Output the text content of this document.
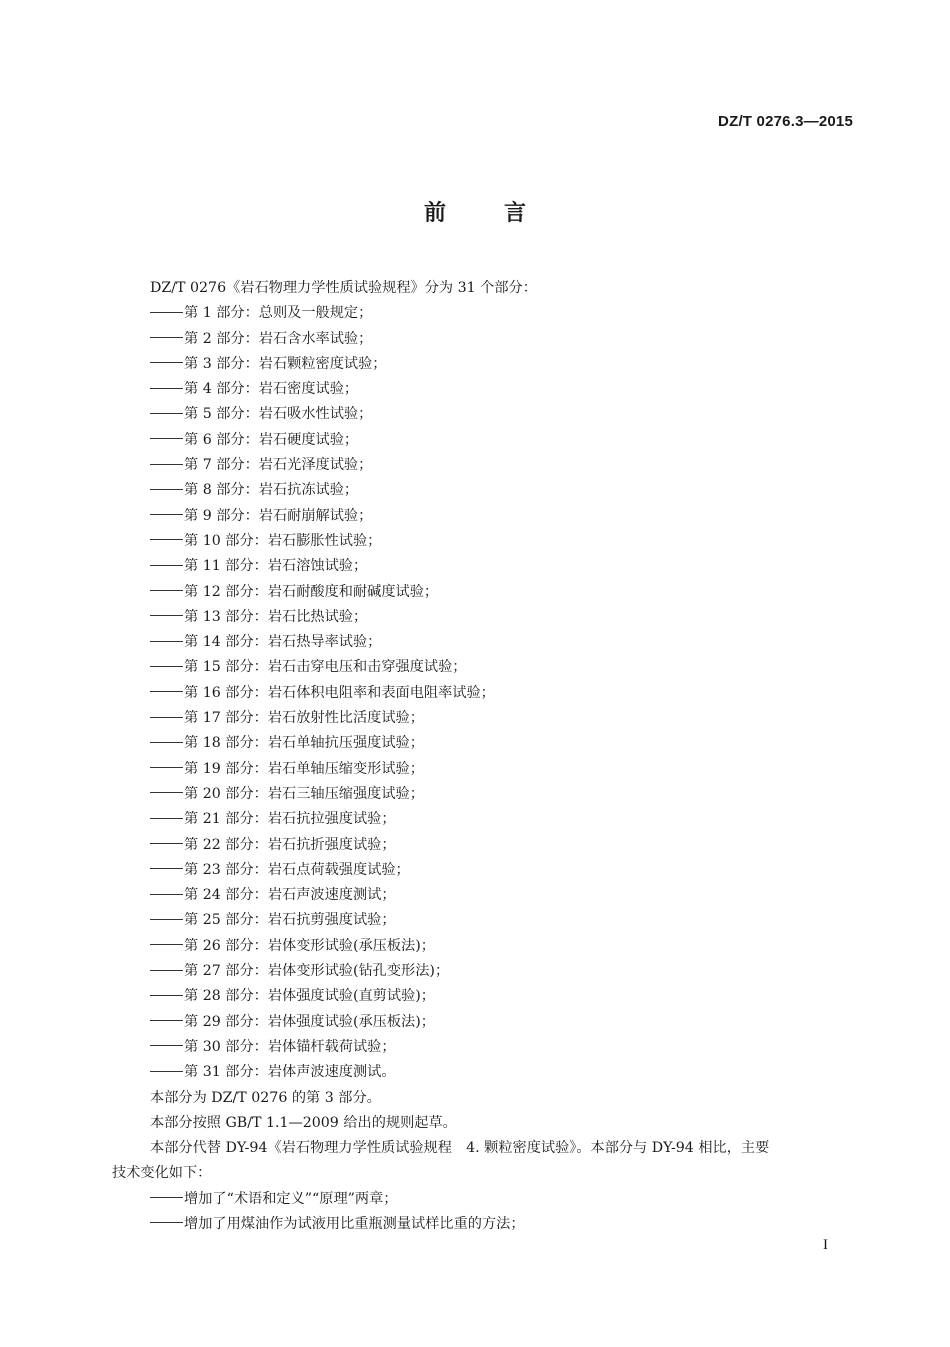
DZ/T 0276.3—2015
前言
DZ/T 0276《岩石物理力学性质试验规程》分为 31 个部分：
第 1 部分：总则及一般规定；
第 2 部分：岩石含水率试验；
第 3 部分：岩石颗粒密度试验；
第 4 部分：岩石密度试验；
第 5 部分：岩石吸水性试验；
第 6 部分：岩石硬度试验；
第 7 部分：岩石光泽度试验；
第 8 部分：岩石抗冻试验；
第 9 部分：岩石耐崩解试验；
第 10 部分：岩石膨胀性试验；
第 11 部分：岩石溶蚀试验；
第 12 部分：岩石耐酸度和耐碱度试验；
第 13 部分：岩石比热试验；
第 14 部分：岩石热导率试验；
第 15 部分：岩石击穿电压和击穿强度试验；
第 16 部分：岩石体积电阻率和表面电阻率试验；
第 17 部分：岩石放射性比活度试验；
第 18 部分：岩石单轴抗压强度试验；
第 19 部分：岩石单轴压缩变形试验；
第 20 部分：岩石三轴压缩强度试验；
第 21 部分：岩石抗拉强度试验；
第 22 部分：岩石抗折强度试验；
第 23 部分：岩石点荷载强度试验；
第 24 部分：岩石声波速度测试；
第 25 部分：岩石抗剪强度试验；
第 26 部分：岩体变形试验(承压板法)；
第 27 部分：岩体变形试验(钻孔变形法)；
第 28 部分：岩体强度试验(直剪试验)；
第 29 部分：岩体强度试验(承压板法)；
第 30 部分：岩体锚杆载荷试验；
第 31 部分：岩体声波速度测试。
本部分为 DZ/T 0276 的第 3 部分。
本部分按照 GB/T 1.1—2009 给出的规则起草。
本部分代替 DY-94《岩石物理力学性质试验规程　4. 颗粒密度试验》。本部分与 DY-94 相比，主要
技术变化如下：
增加了“术语和定义”“原理”两章；
增加了用煤油作为试液用比重瓶测量试样比重的方法；
I
